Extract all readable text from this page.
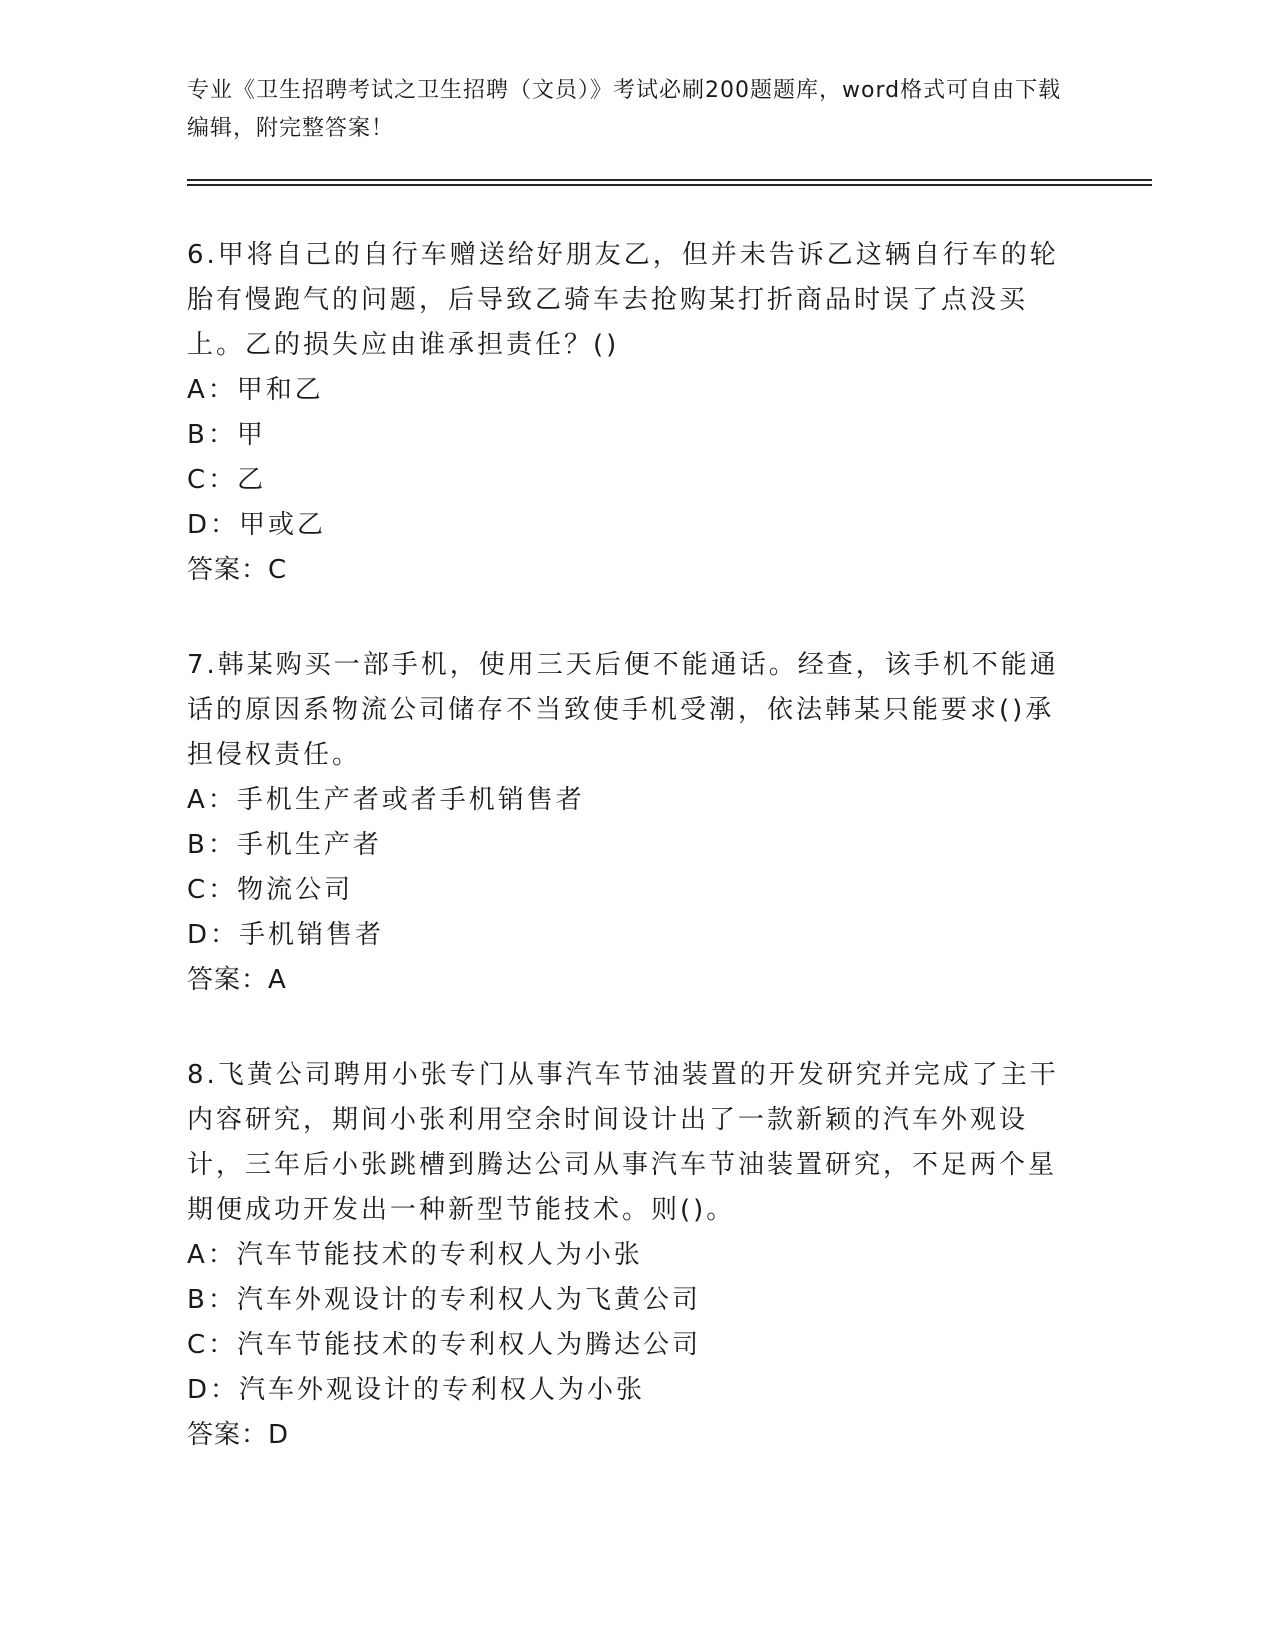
专业《卫生招聘考试之卫生招聘（文员）》考试必刷200题题库，word格式可自由下载编辑，附完整答案！

6.甲将自己的自行车赠送给好朋友乙，但并未告诉乙这辆自行车的轮胎有慢跑气的问题，后导致乙骑车去抢购某打折商品时误了点没买上。乙的损失应由谁承担责任？()

A：甲和乙

B：甲

C：乙

D：甲或乙

答案：C

7.韩某购买一部手机，使用三天后便不能通话。经查，该手机不能通话的原因系物流公司储存不当致使手机受潮，依法韩某只能要求()承担侵权责任。

A：手机生产者或者手机销售者

B：手机生产者

C：物流公司

D：手机销售者

答案：A

8.飞黄公司聘用小张专门从事汽车节油装置的开发研究并完成了主干内容研究，期间小张利用空余时间设计出了一款新颖的汽车外观设计，三年后小张跳槽到腾达公司从事汽车节油装置研究，不足两个星期便成功开发出一种新型节能技术。则()。

A：汽车节能技术的专利权人为小张

B：汽车外观设计的专利权人为飞黄公司

C：汽车节能技术的专利权人为腾达公司

D：汽车外观设计的专利权人为小张

答案：D
